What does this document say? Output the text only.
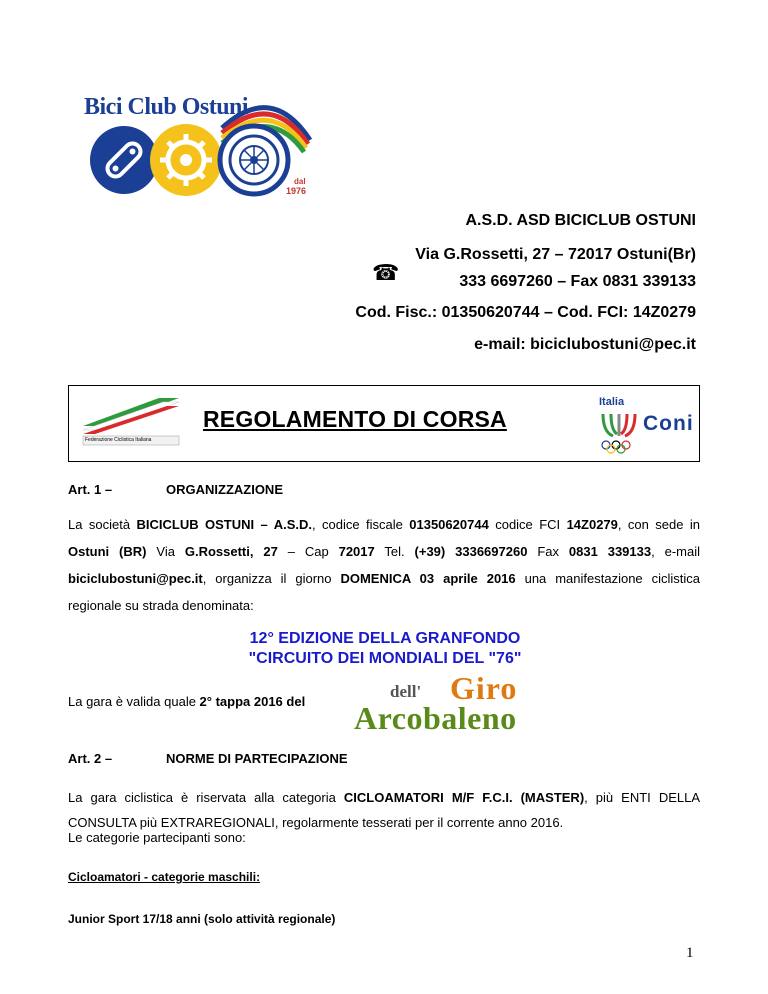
Bici Club Ostuni
dal
1976
A.S.D. ASD BICICLUB OSTUNI
Via G.Rossetti, 27 – 72017 Ostuni(Br)
☎	333 6697260 – Fax 0831 339133
Cod. Fisc.: 01350620744 – Cod. FCI: 14Z0279
e-mail: biciclubostuni@pec.it
Federazione Ciclistica Italiana
REGOLAMENTO DI CORSA
Italia
Coni
Art. 1 –	ORGANIZZAZIONE
La società BICICLUB OSTUNI – A.S.D., codice fiscale 01350620744 codice FCI 14Z0279, con sede in Ostuni (BR) Via G.Rossetti, 27 – Cap 72017 Tel. (+39) 3336697260 Fax 0831 339133, e-mail biciclubostuni@pec.it, organizza il giorno DOMENICA 03 aprile 2016 una manifestazione ciclistica regionale su strada denominata:
12° EDIZIONE DELLA GRANFONDO
"CIRCUITO DEI MONDIALI DEL "76"
La gara è valida quale 2° tappa 2016 del
dell' Giro
Arcobaleno
Art. 2 –	NORME DI PARTECIPAZIONE
La gara ciclistica è riservata alla categoria CICLOAMATORI M/F F.C.I. (MASTER), più ENTI DELLA CONSULTA più EXTRAREGIONALI, regolarmente tesserati per il corrente anno 2016.
Le categorie partecipanti sono:
Cicloamatori - categorie maschili:
Junior Sport 17/18 anni (solo attività regionale)
1
